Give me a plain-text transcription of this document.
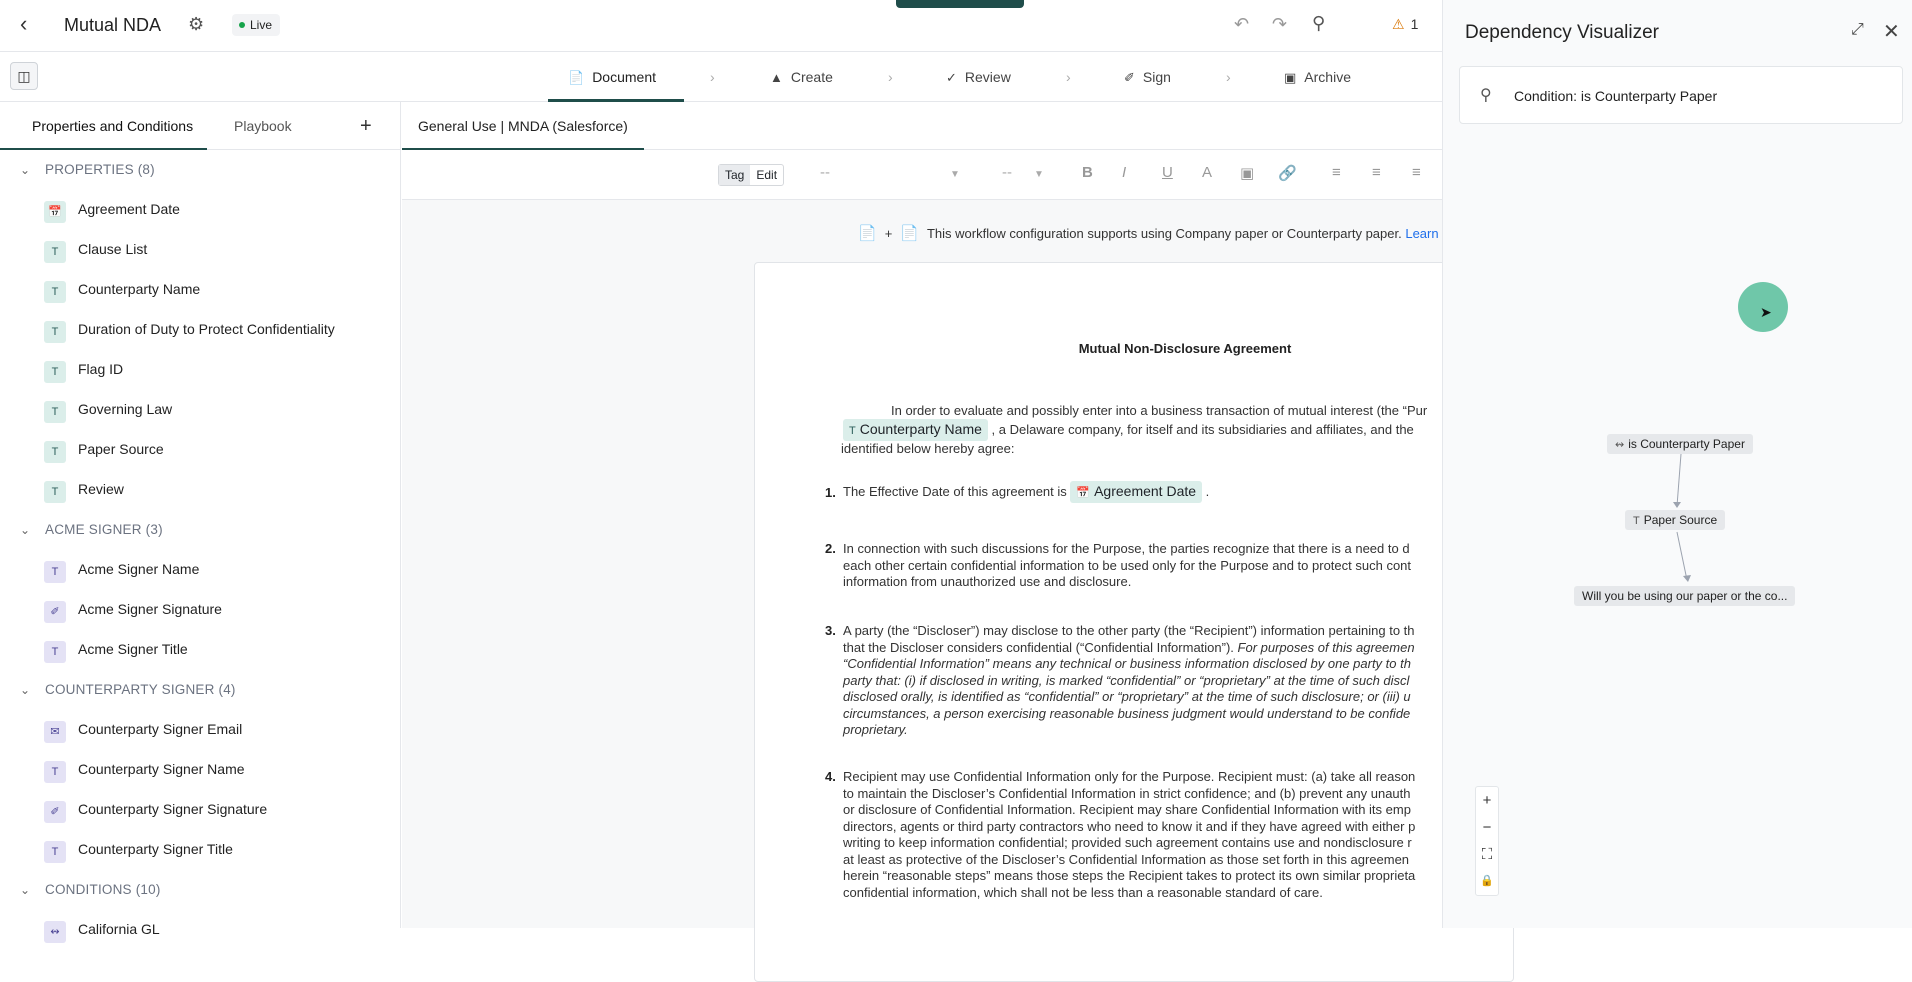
‹	Mutual NDA ⚙	Live	↶ ↷ ⚲	⚠ 1
◫	📄 Document	›	▲ Create	›	✓ Review	›	✐ Sign	›	▣ Archive
Properties and Conditions	Playbook	+
⌄ PROPERTIES (8)
📅 Agreement Date
T	Clause List
T	Counterparty Name
T	Duration of Duty to Protect Confidentiality
T	Flag ID
T	Governing Law
T	Paper Source
T	Review
⌄ ACME SIGNER (3)
T	Acme Signer Name
✐	Acme Signer Signature
T	Acme Signer Title
⌄ COUNTERPARTY SIGNER (4)
✉	Counterparty Signer Email
T	Counterparty Signer Name
✐	Counterparty Signer Signature
T	Counterparty Signer Title
⌄ CONDITIONS (10)
↭	California GL
General Use | MNDA (Salesforce)
Tag	Edit	--	▼	-- ▼	B I U A ▣ 🔗 ≡ ≡ ≡
📄 + 📄 This workflow configuration supports using Company paper or Counterparty paper. Learn
Mutual Non-Disclosure Agreement
In order to evaluate and possibly enter into a business transaction of mutual interest (the “Pur
T Counterparty Name , a Delaware company, for itself and its subsidiaries and affiliates, and the
identified below hereby agree:
1. The Effective Date of this agreement is 📅 Agreement Date .
2. In connection with such discussions for the Purpose, the parties recognize that there is a need to d
each other certain confidential information to be used only for the Purpose and to protect such cont
information from unauthorized use and disclosure.
3. A party (the “Discloser”) may disclose to the other party (the “Recipient”) information pertaining to th
that the Discloser considers confidential (“Confidential Information”). For purposes of this agreemen
“Confidential Information” means any technical or business information disclosed by one party to th
party that: (i) if disclosed in writing, is marked “confidential” or “proprietary” at the time of such discl
disclosed orally, is identified as “confidential” or “proprietary” at the time of such disclosure; or (iii) u
circumstances, a person exercising reasonable business judgment would understand to be confide
proprietary.
4. Recipient may use Confidential Information only for the Purpose. Recipient must: (a) take all reason
to maintain the Discloser’s Confidential Information in strict confidence; and (b) prevent any unauth
or disclosure of Confidential Information. Recipient may share Confidential Information with its emp
directors, agents or third party contractors who need to know it and if they have agreed with either p
writing to keep information confidential; provided such agreement contains use and nondisclosure r
at least as protective of the Discloser’s Confidential Information as those set forth in this agreemen
herein “reasonable steps” means those steps the Recipient takes to protect its own similar proprieta
confidential information, which shall not be less than a reasonable standard of care.
Dependency Visualizer	⤢ ✕
⚲
Condition: is Counterparty Paper
+
−
⛶
🔒
↭ is Counterparty Paper
T Paper Source
Will you be using our paper or the co...
➤
